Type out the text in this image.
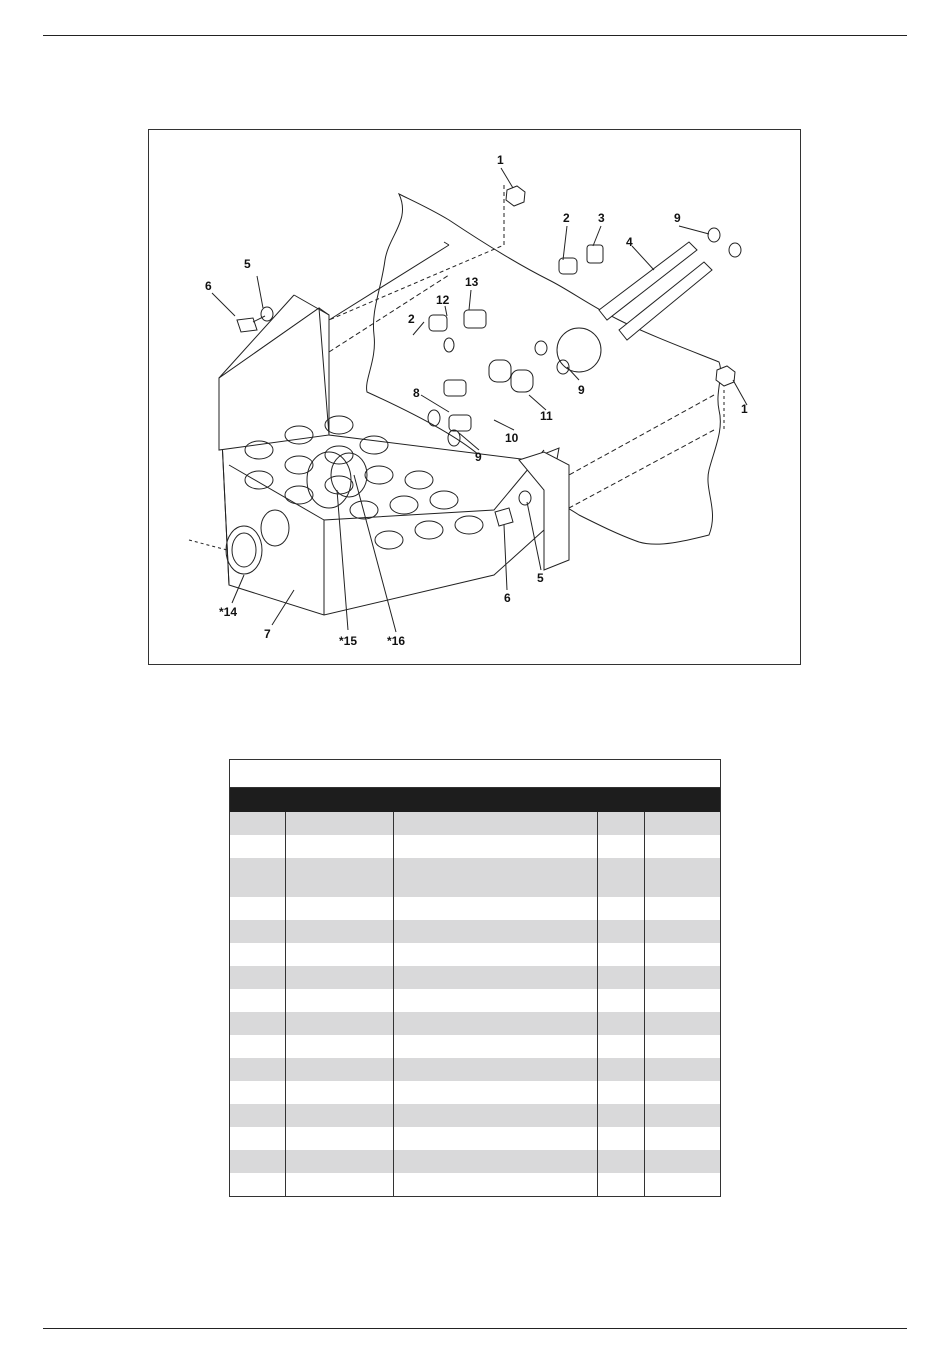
1
2 3	9
4
5
6	13
12
2
8	9
11	1
10
9
5
6
*14
7	*15 *16
